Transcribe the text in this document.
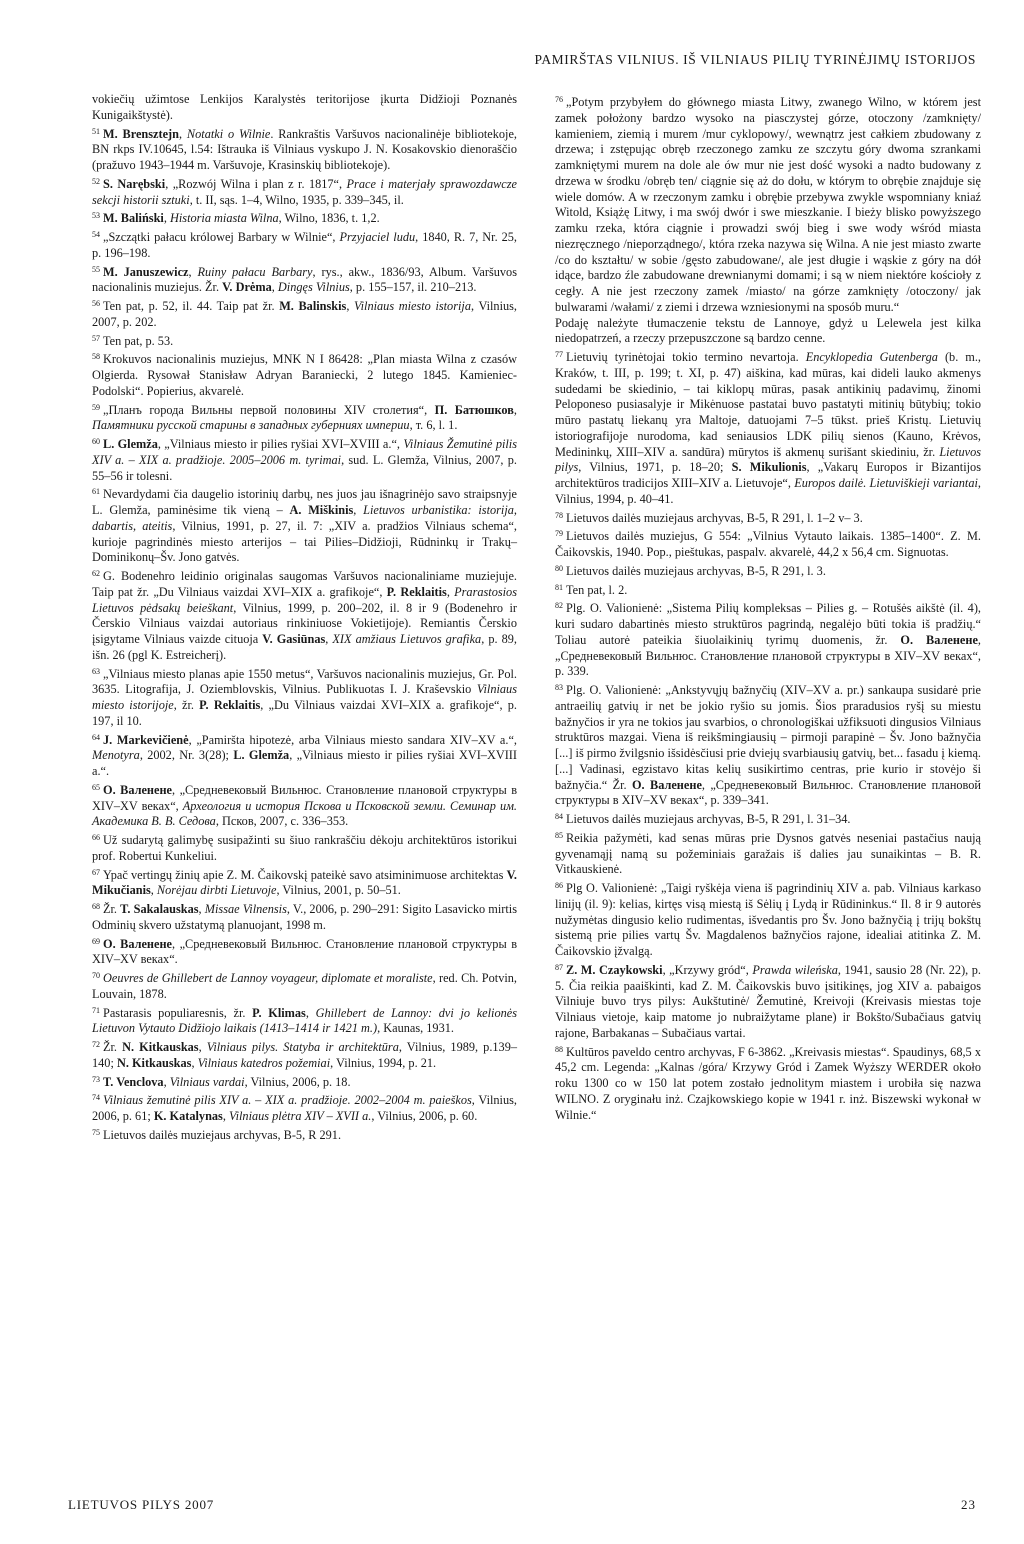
PAMIRŠTAS VILNIUS. IŠ VILNIAUS PILIŲ TYRINĖJIMŲ ISTORIJOS

vokiečių užimtose Lenkijos Karalystės teritorijose įkurta Didžioji Poznanės Kunigaikštystė).

$^{51}$ M. Brensztejn, Notatki o Wilnie. Rankraštis Varšuvos nacionalinėje bibliotekoje, BN rkps IV.10645, l.54: Ištrauka iš Vilniaus vyskupo J. N. Kosakovskio dienoraščio (pražuvo 1943–1944 m. Varšuvoje, Krasinskių bibliotekoje).

$^{52}$ S. Narębski, „Rozwój Wilna i plan z r. 1817“, Prace i materjały sprawozdawcze sekcji historii sztuki, t. II, sąs. 1–4, Wilno, 1935, p. 339–345, il.

$^{53}$ M. Baliński, Historia miasta Wilna, Wilno, 1836, t. 1,2.

$^{54}$ „Szczątki pałacu królowej Barbary w Wilnie“, Przyjaciel ludu, 1840, R. 7, Nr. 25, p. 196–198.

$^{55}$ M. Januszewicz, Ruiny pałacu Barbary, rys., akw., 1836/93, Album. Varšuvos nacionalinis muziejus. Žr. V. Drėma, Dingęs Vilnius, p. 155–157, il. 210–213.

$^{56}$ Ten pat, p. 52, il. 44. Taip pat žr. M. Balinskis, Vilniaus miesto istorija, Vilnius, 2007, p. 202.

$^{57}$ Ten pat, p. 53.

$^{58}$ Krokuvos nacionalinis muziejus, MNK N I 86428: „Plan miasta Wilna z czasów Olgierda. Rysował Stanisław Adryan Baraniecki, 2 lutego 1845. Kamieniec-Podolski“. Popierius, akvarelė.

$^{59}$ „Планъ города Вильны первой половины XIV столетия“, П. Батюшков, Памятники русской старины в западных губерниях империи, т. 6, l. 1.

$^{60}$ L. Glemža, „Vilniaus miesto ir pilies ryšiai XVI–XVIII a.“, Vilniaus Žemutinė pilis XIV a. – XIX a. pradžioje. 2005–2006 m. tyrimai, sud. L. Glemža, Vilnius, 2007, p. 55–56 ir tolesni.

$^{61}$ Nevardydami čia daugelio istorinių darbų, nes juos jau išnagrinėjo savo straipsnyje L. Glemža, paminėsime tik vieną – A. Miškinis, Lietuvos urbanistika: istorija, dabartis, ateitis, Vilnius, 1991, p. 27, il. 7: „XIV a. pradžios Vilniaus schema“, kurioje pagrindinės miesto arterijos – tai Pilies–Didžioji, Rūdninkų ir Trakų–Dominikonų–Šv. Jono gatvės.

$^{62}$ G. Bodenehro leidinio originalas saugomas Varšuvos nacionaliniame muziejuje. Taip pat žr. „Du Vilniaus vaizdai XVI–XIX a. grafikoje“, P. Reklaitis, Prarastosios Lietuvos pėdsakų beieškant, Vilnius, 1999, p. 200–202, il. 8 ir 9 (Bodenehro ir Čerskio Vilniaus vaizdai autoriaus rinkiniuose Vokietijoje). Remiantis Čerskio įsigytame Vilniaus vaizde cituoja V. Gasiūnas, XIX amžiaus Lietuvos grafika, p. 89, išn. 26 (pgl K. Estreicherį).

$^{63}$ „Vilniaus miesto planas apie 1550 metus“, Varšuvos nacionalinis muziejus, Gr. Pol. 3635. Litografija, J. Oziemblovskis, Vilnius. Publikuotas I. J. Kraševskio Vilniaus miesto istorijoje, žr. P. Reklaitis, „Du Vilniaus vaizdai XVI–XIX a. grafikoje“, p. 197, il 10.

$^{64}$ J. Markevičienė, „Pamiršta hipotezė, arba Vilniaus miesto sandara XIV–XV a.“, Menotyra, 2002, Nr. 3(28); L. Glemža, „Vilniaus miesto ir pilies ryšiai XVI–XVIII a.“.

$^{65}$ О. Валенене, „Средневековый Вильнюс. Становление плановой структуры в XIV–XV веках“, Археология и история Пскова и Псковской земли. Семинар им. Академика В. В. Седова, Псков, 2007, c. 336–353.

$^{66}$ Už sudarytą galimybę susipažinti su šiuo rankraščiu dėkoju architektūros istorikui prof. Robertui Kunkeliui.

$^{67}$ Ypač vertingų žinių apie Z. M. Čaikovskį pateikė savo atsiminimuose architektas V. Mikučianis, Norėjau dirbti Lietuvoje, Vilnius, 2001, p. 50–51.

$^{68}$ Žr. T. Sakalauskas, Missae Vilnensis, V., 2006, p. 290–291: Sigito Lasavicko mirtis Odminių skvero užstatymą planuojant, 1998 m.

$^{69}$ О. Валенене, „Средневековый Вильнюс. Становление плановой структуры в XIV–XV веках“.

$^{70}$ Oeuvres de Ghillebert de Lannoy voyageur, diplomate et moraliste, red. Ch. Potvin, Louvain, 1878.

$^{71}$ Pastarasis populiaresnis, žr. P. Klimas, Ghillebert de Lannoy: dvi jo kelionės Lietuvon Vytauto Didžiojo laikais (1413–1414 ir 1421 m.), Kaunas, 1931.

$^{72}$ Žr. N. Kitkauskas, Vilniaus pilys. Statyba ir architektūra, Vilnius, 1989, p.139–140; N. Kitkauskas, Vilniaus katedros požemiai, Vilnius, 1994, p. 21.

$^{73}$ T. Venclova, Vilniaus vardai, Vilnius, 2006, p. 18.

$^{74}$ Vilniaus žemutinė pilis XIV a. – XIX a. pradžioje. 2002–2004 m. paieškos, Vilnius, 2006, p. 61; K. Katalynas, Vilniaus plėtra XIV – XVII a., Vilnius, 2006, p. 60.

$^{75}$ Lietuvos dailės muziejaus archyvas, B-5, R 291.

$^{76}$ „Potym przybyłem do głównego miasta Litwy, zwanego Wilno, w którem jest zamek położony bardzo wysoko na piasczystej górze, otoczony /zamknięty/ kamieniem, ziemią i murem /mur cyklopowy/, wewnątrz jest całkiem zbudowany z drzewa; i zstępując obręb rzeczonego zamku ze szczytu góry dwoma szrankami zamkniętymi murem na dole ale ów mur nie jest dość wysoki a nadto budowany z drzewa w środku /obręb ten/ ciągnie się aż do dołu, w którym to obrębie znajduje się wiele domów. A w rzeczonym zamku i obrębie przebywa zwykle wspomniany kniaź Witold, Książę Litwy, i ma swój dwór i swe mieszkanie. I bieży blisko powyższego zamku rzeka, która ciągnie i prowadzi swój bieg i swe wody wśród miasta niezręcznego /nieporządnego/, która rzeka nazywa się Wilna. A nie jest miasto zwarte /co do kształtu/ w sobie /gęsto zabudowane/, ale jest długie i wąskie z góry na dół idące, bardzo źle zabudowane drewnianymi domami; i są w niem niektóre kościoły z cegły. A nie jest rzeczony zamek /miasto/ na górze zamknięty /otoczony/ jak bulwarami /wałami/ z ziemi i drzewa wzniesionymi na sposób muru.“

Podaję należyte tłumaczenie tekstu de Lannoye, gdyż u Lelewela jest kilka niedopatrzeń, a rzeczy przepuszczone są bardzo cenne.

$^{77}$ Lietuvių tyrinėtojai tokio termino nevartoja. Encyklopedia Gutenberga (b. m., Kraków, t. III, p. 199; t. XI, p. 47) aiškina, kad mūras, kai dideli lauko akmenys sudedami be skiedinio, – tai kiklopų mūras, pasak antikinių padavimų, žinomi Peloponeso pusiasalyje ir Mikėnuose pastatai buvo pastatyti mitinių būtybių; tokio mūro pastatų liekanų yra Maltoje, datuojami 7–5 tūkst. prieš Kristų. Lietuvių istoriografijoje nurodoma, kad seniausios LDK pilių sienos (Kauno, Krėvos, Medininkų, XIII–XIV a. sandūra) mūrytos iš akmenų surišant skiediniu, žr. Lietuvos pilys, Vilnius, 1971, p. 18–20; S. Mikulionis, „Vakarų Europos ir Bizantijos architektūros tradicijos XIII–XIV a. Lietuvoje“, Europos dailė. Lietuviškieji variantai, Vilnius, 1994, p. 40–41.

$^{78}$ Lietuvos dailės muziejaus archyvas, B-5, R 291, l. 1–2 v– 3.

$^{79}$ Lietuvos dailės muziejus, G 554: „Vilnius Vytauto laikais. 1385–1400“. Z. M. Čaikovskis, 1940. Pop., pieštukas, paspalv. akvarelė, 44,2 x 56,4 cm. Signuotas.

$^{80}$ Lietuvos dailės muziejaus archyvas, B-5, R 291, l. 3.

$^{81}$ Ten pat, l. 2.

$^{82}$ Plg. O. Valionienė: „Sistema Pilių kompleksas – Pilies g. – Rotušės aikštė (il. 4), kuri sudaro dabartinės miesto struktūros pagrindą, negalėjo būti tokia iš pradžių.“ Toliau autorė pateikia šiuolaikinių tyrimų duomenis, žr. О. Валенене, „Средневековый Вильнюс. Становление плановой структуры в XIV–XV веках“, p. 339.

$^{83}$ Plg. O. Valionienė: „Ankstyvųjų bažnyčių (XIV–XV a. pr.) sankaupa susidarė prie antraeilių gatvių ir net be jokio ryšio su jomis. Šios praradusios ryšį su miestu bažnyčios ir yra ne tokios jau svarbios, o chronologiškai užfiksuoti dingusios Vilniaus struktūros mazgai. Viena iš reikšmingiausių – pirmoji parapinė – Šv. Jono bažnyčia [...] iš pirmo žvilgsnio išsidėsčiusi prie dviejų svarbiausių gatvių, bet... fasadu į kiemą. [...] Vadinasi, egzistavo kitas kelių susikirtimo centras, prie kurio ir stovėjo ši bažnyčia.“ Žr. О. Валенене, „Средневековый Вильнюс. Становление плановой структуры в XIV–XV веках“, p. 339–341.

$^{84}$ Lietuvos dailės muziejaus archyvas, B-5, R 291, l. 31–34.

$^{85}$ Reikia pažymėti, kad senas mūras prie Dysnos gatvės neseniai pastačius naują gyvenamąjį namą su požeminiais garažais iš dalies jau sunaikintas – B. R. Vitkauskienė.

$^{86}$ Plg O. Valionienė: „Taigi ryškėja viena iš pagrindinių XIV a. pab. Vilniaus karkaso linijų (il. 9): kelias, kirtęs visą miestą iš Sėlių į Lydą ir Rūdininkus.“ Il. 8 ir 9 autorės nužymėtas dingusio kelio rudimentas, išvedantis pro Šv. Jono bažnyčią į trijų bokštų sistemą prie pilies vartų Šv. Magdalenos bažnyčios rajone, idealiai atitinka Z. M. Čaikovskio įžvalgą.

$^{87}$ Z. M. Czaykowski, „Krzywy gród“, Prawda wileńska, 1941, sausio 28 (Nr. 22), p. 5. Čia reikia paaiškinti, kad Z. M. Čaikovskis buvo įsitikinęs, jog XIV a. pabaigos Vilniuje buvo trys pilys: Aukštutinė/ Žemutinė, Kreivoji (Kreivasis miestas toje Vilniaus vietoje, kaip matome jo nubraižytame plane) ir Bokšto/Subačiaus gatvių rajone, Barbakanas – Subačiaus vartai.

$^{88}$ Kultūros paveldo centro archyvas, F 6-3862. „Kreivasis miestas“. Spaudinys, 68,5 x 45,2 cm. Legenda: „Kalnas /góra/ Krzywy Gród i Zamek Wyższy WERDER około roku 1300 co w 150 lat potem zostało jednolitym miastem i urobiła się nazwa WILNO. Z oryginału inż. Czajkowskiego kopie w 1941 r. inż. Biszewski wykonał w Wilnie.“

LIETUVOS PILYS 2007	23
